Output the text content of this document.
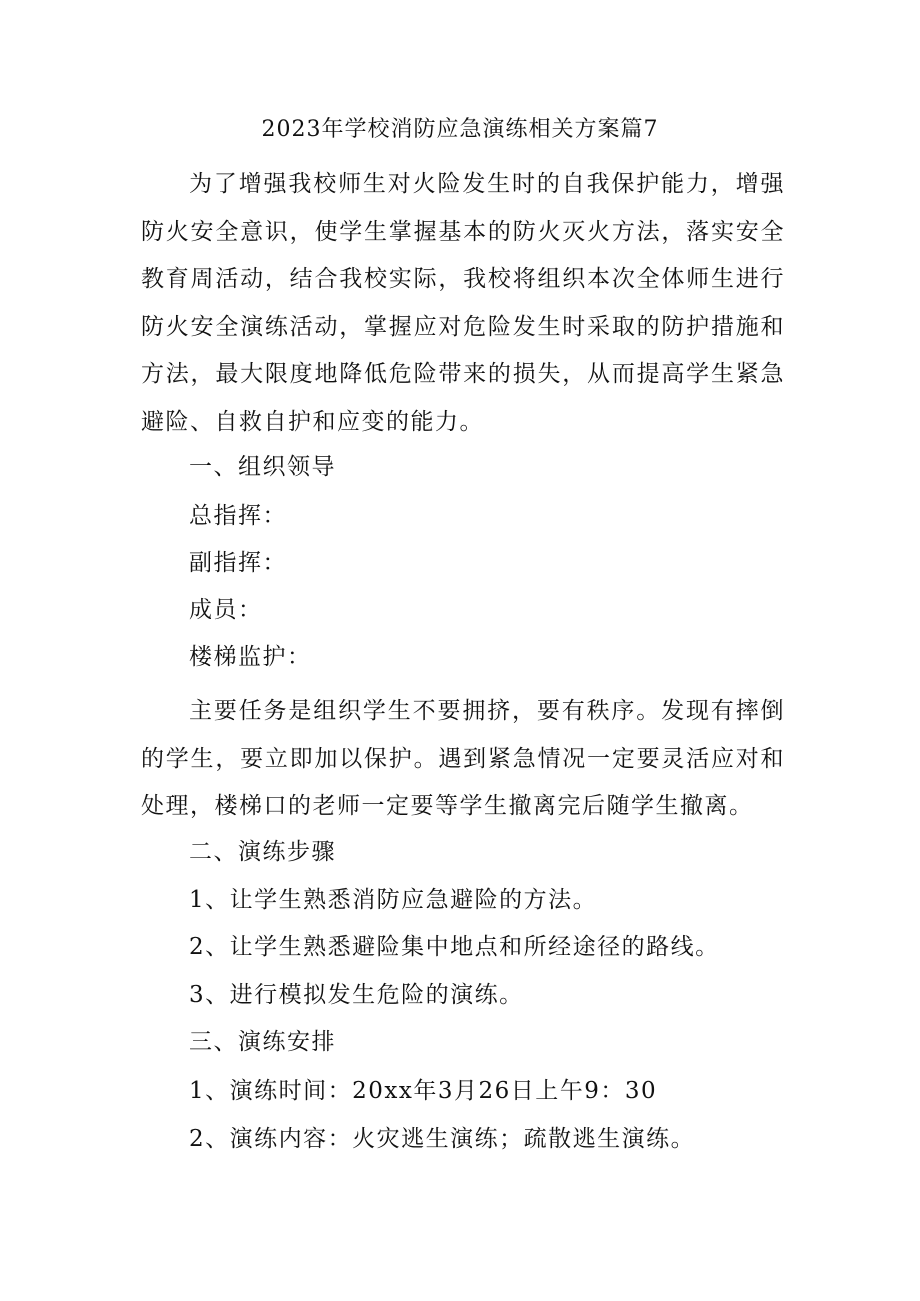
2023年学校消防应急演练相关方案篇7

为了增强我校师生对火险发生时的自我保护能力，增强防火安全意识，使学生掌握基本的防火灭火方法，落实安全教育周活动，结合我校实际，我校将组织本次全体师生进行防火安全演练活动，掌握应对危险发生时采取的防护措施和方法，最大限度地降低危险带来的损失，从而提高学生紧急避险、自救自护和应变的能力。

一、组织领导

总指挥：

副指挥：

成员：

楼梯监护：

主要任务是组织学生不要拥挤，要有秩序。发现有摔倒的学生，要立即加以保护。遇到紧急情况一定要灵活应对和处理，楼梯口的老师一定要等学生撤离完后随学生撤离。

二、演练步骤

1、让学生熟悉消防应急避险的方法。

2、让学生熟悉避险集中地点和所经途径的路线。

3、进行模拟发生危险的演练。

三、演练安排

1、演练时间：20xx年3月26日上午9：30

2、演练内容：火灾逃生演练；疏散逃生演练。
